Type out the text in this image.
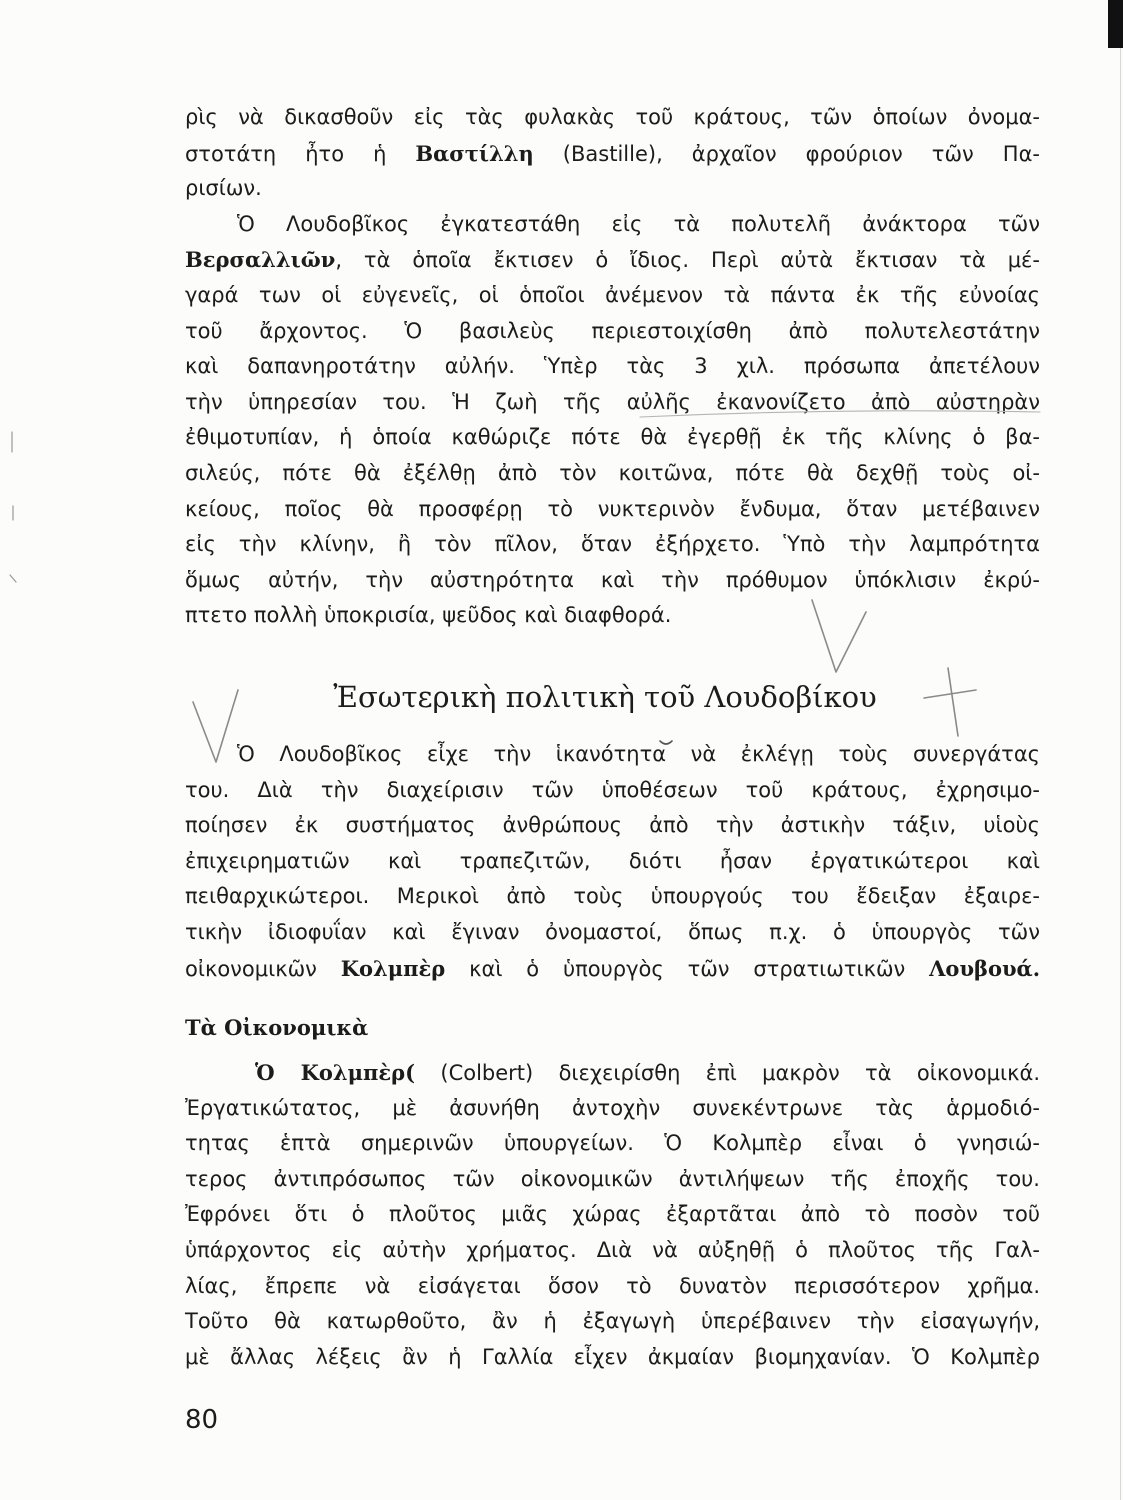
ρὶς νὰ δικασθοῦν εἰς τὰς φυλακὰς τοῦ κράτους, τῶν ὁποίων ὀνομα-
στοτάτη ἦτο ἡ Βαστίλλη (Bastille), ἀρχαῖον φρούριον τῶν Πα-
ρισίων.
Ὁ Λουδοβῖκος ἐγκατεστάθη εἰς τὰ πολυτελῆ ἀνάκτορα τῶν
Βερσαλλιῶν, τὰ ὁποῖα ἔκτισεν ὁ ἴδιος. Περὶ αὐτὰ ἔκτισαν τὰ μέ-
γαρά των οἱ εὐγενεῖς, οἱ ὁποῖοι ἀνέμενον τὰ πάντα ἐκ τῆς εὐνοίας
τοῦ ἄρχοντος. Ὁ βασιλεὺς περιεστοιχίσθη ἀπὸ πολυτελεστάτην
καὶ δαπανηροτάτην αὐλήν. Ὑπὲρ τὰς 3 χιλ. πρόσωπα ἀπετέλουν
τὴν ὑπηρεσίαν του. Ἡ ζωὴ τῆς αὐλῆς ἐκανονίζετο ἀπὸ αὐστηρὰν
ἐθιμοτυπίαν, ἡ ὁποία καθώριζε πότε θὰ ἐγερθῇ ἐκ τῆς κλίνης ὁ βα-
σιλεύς, πότε θὰ ἐξέλθῃ ἀπὸ τὸν κοιτῶνα, πότε θὰ δεχθῇ τοὺς οἰ-
κείους, ποῖος θὰ προσφέρῃ τὸ νυκτερινὸν ἔνδυμα, ὅταν μετέβαινεν
εἰς τὴν κλίνην, ἢ τὸν πῖλον, ὅταν ἐξήρχετο. Ὑπὸ τὴν λαμπρότητα
ὅμως αὐτήν, τὴν αὐστηρότητα καὶ τὴν πρόθυμον ὑπόκλισιν ἐκρύ-
πτετο πολλὴ ὑποκρισία, ψεῦδος καὶ διαφθορά.
Ἐσωτερικὴ πολιτικὴ τοῦ Λουδοβίκου
Ὁ Λουδοβῖκος εἶχε τὴν ἱκανότητα νὰ ἐκλέγῃ τοὺς συνεργάτας
του. Διὰ τὴν διαχείρισιν τῶν ὑποθέσεων τοῦ κράτους, ἐχρησιμο-
ποίησεν ἐκ συστήματος ἀνθρώπους ἀπὸ τὴν ἀστικὴν τάξιν, υἱοὺς
ἐπιχειρηματιῶν καὶ τραπεζιτῶν, διότι ἦσαν ἐργατικώτεροι καὶ
πειθαρχικώτεροι. Μερικοὶ ἀπὸ τοὺς ὑπουργούς του ἔδειξαν ἐξαιρε-
τικὴν ἰδιοφυΐαν καὶ ἔγιναν ὀνομαστοί, ὅπως π.χ. ὁ ὑπουργὸς τῶν
οἰκονομικῶν Κολμπὲρ καὶ ὁ ὑπουργὸς τῶν στρατιωτικῶν Λουβουά.
Τὰ Οἰκονομικὰ
Ὁ Κολμπὲρ( (Colbert) διεχειρίσθη ἐπὶ μακρὸν τὰ οἰκονομικά.
Ἐργατικώτατος, μὲ ἀσυνήθη ἀντοχὴν συνεκέντρωνε τὰς ἁρμοδιό-
τητας ἑπτὰ σημερινῶν ὑπουργείων. Ὁ Κολμπὲρ εἶναι ὁ γνησιώ-
τερος ἀντιπρόσωπος τῶν οἰκονομικῶν ἀντιλήψεων τῆς ἐποχῆς του.
Ἐφρόνει ὅτι ὁ πλοῦτος μιᾶς χώρας ἐξαρτᾶται ἀπὸ τὸ ποσὸν τοῦ
ὑπάρχοντος εἰς αὐτὴν χρήματος. Διὰ νὰ αὐξηθῇ ὁ πλοῦτος τῆς Γαλ-
λίας, ἔπρεπε νὰ εἰσάγεται ὅσον τὸ δυνατὸν περισσότερον χρῆμα.
Τοῦτο θὰ κατωρθοῦτο, ἂν ἡ ἐξαγωγὴ ὑπερέβαινεν τὴν εἰσαγωγήν,
μὲ ἄλλας λέξεις ἂν ἡ Γαλλία εἶχεν ἀκμαίαν βιομηχανίαν. Ὁ Κολμπὲρ
80
